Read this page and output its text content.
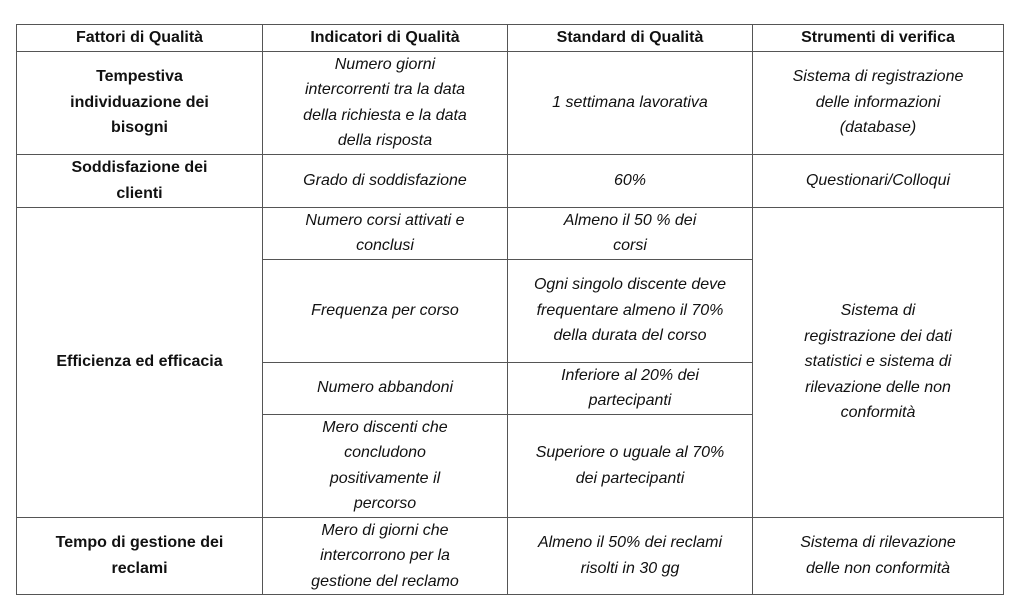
Fattori di Qualità	Indicatori di Qualità	Standard di Qualità	Strumenti di verifica
Tempestiva individuazione dei bisogni	Numero giorni intercorrenti tra la data della richiesta e la data della risposta	1 settimana lavorativa	Sistema di registrazione delle informazioni (database)
Soddisfazione dei clienti	Grado di soddisfazione	60%	Questionari/Colloqui
Efficienza ed efficacia	Numero corsi attivati e conclusi	Almeno il 50 % dei corsi	Sistema di registrazione dei dati statistici e sistema di rilevazione delle non conformità
	Frequenza per corso	Ogni singolo discente deve frequentare almeno il 70% della durata del corso	
	Numero abbandoni	Inferiore al 20% dei partecipanti	
	Mero discenti che concludono positivamente il percorso	Superiore o uguale al 70% dei partecipanti	
Tempo di gestione dei reclami	Mero di giorni che intercorrono per la gestione del reclamo	Almeno il 50% dei reclami risolti in 30 gg	Sistema di rilevazione delle non conformità
